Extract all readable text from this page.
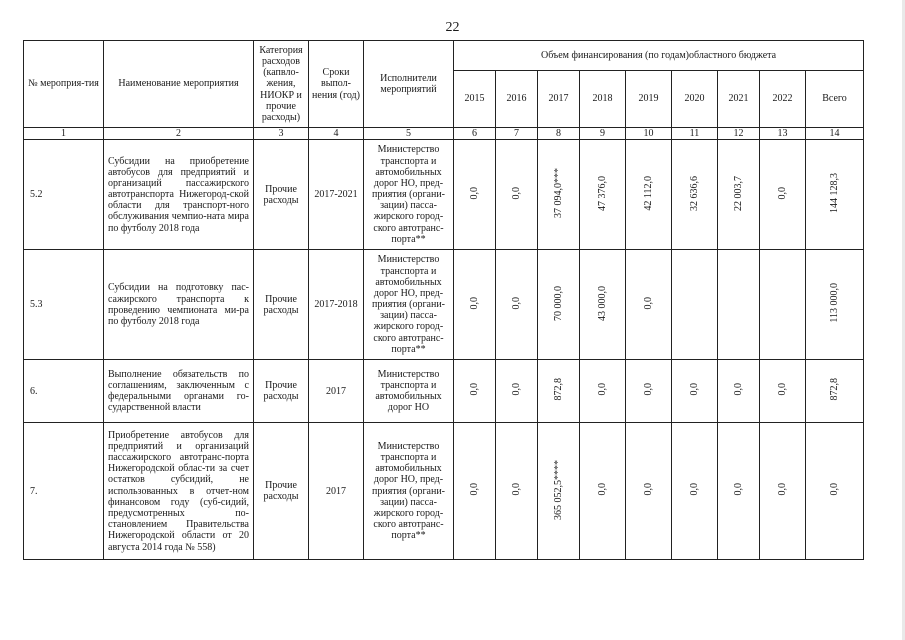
22
№ мероприя-тия	Наименование мероприятия	Категория расходов (капвло-жения, НИОКР и прочие расходы)	Сроки выпол-нения (год)	Исполнители мероприятий	Объем финансирования (по годам)областного бюджета								
					2015	2016	2017	2018	2019	2020	2021	2022	Всего
1	2	3	4	5	6	7	8	9	10	11	12	13	14
5.2	Субсидии на приобретение автобусов для предприятий и организаций пассажирского автотранспорта Нижегород-ской области для транспорт-ного обслуживания чемпио-ната мира по футболу 2018 года	Прочие расходы	2017-2021	Министерство транспорта и автомобильных дорог НО, пред-приятия (органи-зации) пасса-жирского город-ского автотранс-порта**	0,0	0,0	37 094,0***	47 376,0	42 112,0	32 636,6	22 003,7	0,0	144 128,3
5.3	Субсидии на подготовку пас-сажирского транспорта к проведению чемпионата ми-ра по футболу 2018 года	Прочие расходы	2017-2018	Министерство транспорта и автомобильных дорог НО, пред-приятия (органи-зации) пасса-жирского город-ского автотранс-порта**	0,0	0,0	70 000,0	43 000,0	0,0				113 000,0
6.	Выполнение обязательств по соглашениям, заключенным с федеральными органами го-сударственной власти	Прочие расходы	2017	Министерство транспорта и автомобильных дорог НО	0,0	0,0	872,8	0,0	0,0	0,0	0,0	0,0	872,8
7.	Приобретение автобусов для предприятий и организаций пассажирского автотранс-порта Нижегородской облас-ти за счет остатков субсидий, не использованных в отчет-ном финансовом году (суб-сидий, предусмотренных по-становлением Правительства Нижегородской области от 20 августа 2014 года № 558)	Прочие расходы	2017	Министерство транспорта и автомобильных дорог НО, пред-приятия (органи-зации) пасса-жирского город-ского автотранс-порта**	0,0	0,0	365 052,5****	0,0	0,0	0,0	0,0	0,0	0,0
